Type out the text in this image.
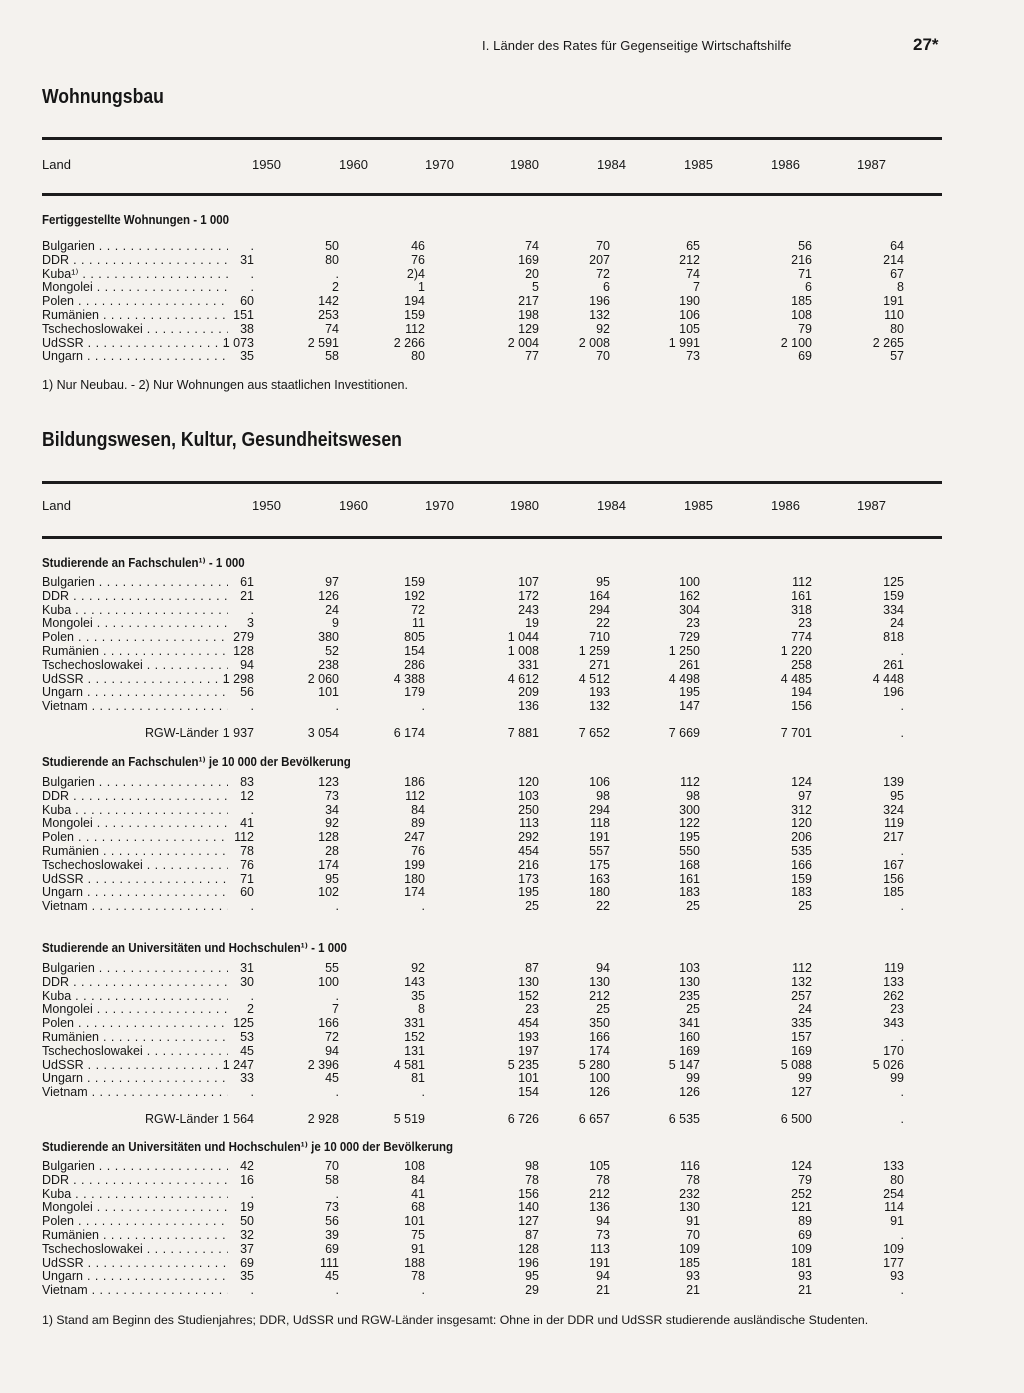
I. Länder des Rates für Gegenseitige Wirtschaftshilfe	27*
Wohnungsbau
Land	1950	1960	1970	1980	1984	1985	1986	1987
Fertiggestellte Wohnungen - 1 000
Bulgarien . . .	.	50	46	74	70	65	56	64
DDR . . .	31	80	76	169	207	212	216	214
Kuba¹⁾ . . .	.	.	2)4	20	72	74	71	67
Mongolei . . .	.	2	1	5	6	7	6	8
Polen . . .	60	142	194	217	196	190	185	191
Rumänien . . .	151	253	159	198	132	106	108	110
Tschechoslowakei . . .	38	74	112	129	92	105	79	80
UdSSR . . .	1 073	2 591	2 266	2 004	2 008	1 991	2 100	2 265
Ungarn . . .	35	58	80	77	70	73	69	57
1) Nur Neubau. - 2) Nur Wohnungen aus staatlichen Investitionen.
Bildungswesen, Kultur, Gesundheitswesen
Land	1950	1960	1970	1980	1984	1985	1986	1987
Studierende an Fachschulen¹⁾ - 1 000
Bulgarien . . .	61	97	159	107	95	100	112	125
DDR . . .	21	126	192	172	164	162	161	159
Kuba . . .	.	24	72	243	294	304	318	334
Mongolei . . .	3	9	11	19	22	23	23	24
Polen . . .	279	380	805	1 044	710	729	774	818
Rumänien . . .	128	52	154	1 008	1 259	1 250	1 220	.
Tschechoslowakei . . .	94	238	286	331	271	261	258	261
UdSSR . . .	1 298	2 060	4 388	4 612	4 512	4 498	4 485	4 448
Ungarn . . .	56	101	179	209	193	195	194	196
Vietnam . . .	.	.	.	136	132	147	156	.
RGW-Länder 1 937	3 054	6 174	7 881	7 652	7 669	7 701	.
Studierende an Fachschulen¹⁾ je 10 000 der Bevölkerung
Bulgarien . . .	83	123	186	120	106	112	124	139
DDR . . .	12	73	112	103	98	98	97	95
Kuba . . .	.	34	84	250	294	300	312	324
Mongolei . . .	41	92	89	113	118	122	120	119
Polen . . .	112	128	247	292	191	195	206	217
Rumänien . . .	78	28	76	454	557	550	535	.
Tschechoslowakei . . .	76	174	199	216	175	168	166	167
UdSSR . . .	71	95	180	173	163	161	159	156
Ungarn . . .	60	102	174	195	180	183	183	185
Vietnam . . .	.	.	.	25	22	25	25	.
Studierende an Universitäten und Hochschulen¹⁾ - 1 000
Bulgarien . . .	31	55	92	87	94	103	112	119
DDR . . .	30	100	143	130	130	130	132	133
Kuba . . .	.	.	35	152	212	235	257	262
Mongolei . . .	2	7	8	23	25	25	24	23
Polen . . .	125	166	331	454	350	341	335	343
Rumänien . . .	53	72	152	193	166	160	157	.
Tschechoslowakei . . .	45	94	131	197	174	169	169	170
UdSSR . . .	1 247	2 396	4 581	5 235	5 280	5 147	5 088	5 026
Ungarn . . .	33	45	81	101	100	99	99	99
Vietnam . . .	.	.	.	154	126	126	127	.
RGW-Länder 1 564	2 928	5 519	6 726	6 657	6 535	6 500	.
Studierende an Universitäten und Hochschulen¹⁾ je 10 000 der Bevölkerung
Bulgarien . . .	42	70	108	98	105	116	124	133
DDR . . .	16	58	84	78	78	78	79	80
Kuba . . .	.	.	41	156	212	232	252	254
Mongolei . . .	19	73	68	140	136	130	121	114
Polen . . .	50	56	101	127	94	91	89	91
Rumänien . . .	32	39	75	87	73	70	69	.
Tschechoslowakei . . .	37	69	91	128	113	109	109	109
UdSSR . . .	69	111	188	196	191	185	181	177
Ungarn . . .	35	45	78	95	94	93	93	93
Vietnam . . .	.	.	.	29	21	21	21	.
1) Stand am Beginn des Studienjahres; DDR, UdSSR und RGW-Länder insgesamt: Ohne in der DDR und UdSSR studierende ausländische Studenten.
